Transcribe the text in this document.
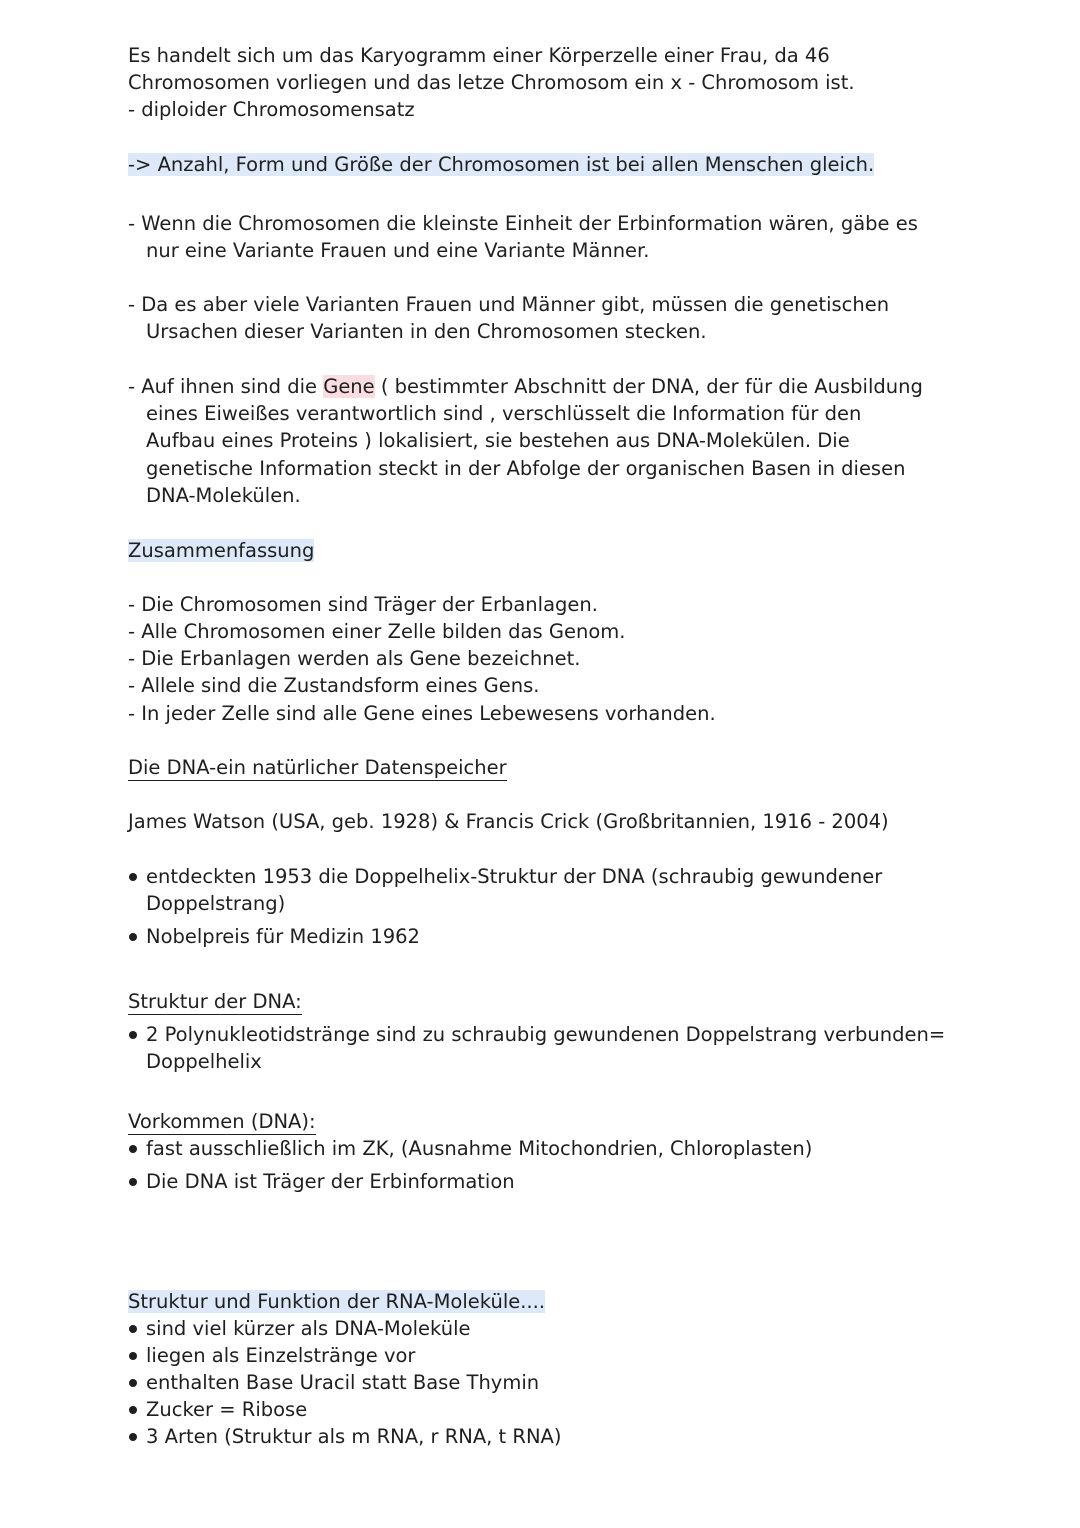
Es handelt sich um das Karyogramm einer Körperzelle einer Frau, da 46
Chromosomen vorliegen und das letze Chromosom ein x - Chromosom ist.
- diploider Chromosomensatz
-> Anzahl, Form und Größe der Chromosomen ist bei allen Menschen gleich.
- Wenn die Chromosomen die kleinste Einheit der Erbinformation wären, gäbe es
nur eine Variante Frauen und eine Variante Männer.
- Da es aber viele Varianten Frauen und Männer gibt, müssen die genetischen
Ursachen dieser Varianten in den Chromosomen stecken.
- Auf ihnen sind die Gene ( bestimmter Abschnitt der DNA, der für die Ausbildung
eines Eiweißes verantwortlich sind , verschlüsselt die Information für den
Aufbau eines Proteins ) lokalisiert, sie bestehen aus DNA-Molekülen. Die
genetische Information steckt in der Abfolge der organischen Basen in diesen
DNA-Molekülen.
Zusammenfassung
- Die Chromosomen sind Träger der Erbanlagen.
- Alle Chromosomen einer Zelle bilden das Genom.
- Die Erbanlagen werden als Gene bezeichnet.
- Allele sind die Zustandsform eines Gens.
- In jeder Zelle sind alle Gene eines Lebewesens vorhanden.
Die DNA-ein natürlicher Datenspeicher
James Watson (USA, geb. 1928) & Francis Crick (Großbritannien, 1916 - 2004)
entdeckten 1953 die Doppelhelix-Struktur der DNA (schraubig gewundener
Doppelstrang)
Nobelpreis für Medizin 1962
Struktur der DNA:
2 Polynukleotidstränge sind zu schraubig gewundenen Doppelstrang verbunden=
Doppelhelix
Vorkommen (DNA):
fast ausschließlich im ZK, (Ausnahme Mitochondrien, Chloroplasten)
Die DNA ist Träger der Erbinformation
Struktur und Funktion der RNA-Moleküle....
sind viel kürzer als DNA-Moleküle
liegen als Einzelstränge vor
enthalten Base Uracil statt Base Thymin
Zucker = Ribose
3 Arten (Struktur als m RNA, r RNA, t RNA)
